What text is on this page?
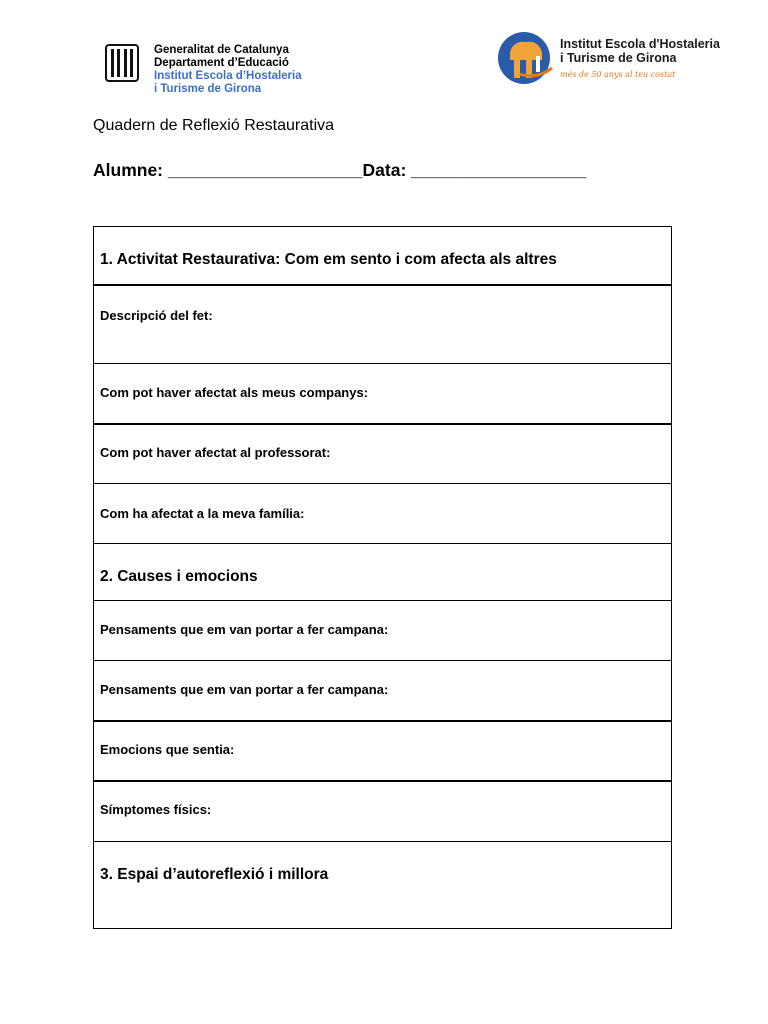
Generalitat de Catalunya
Departament d’Educació
Institut Escola d’Hostaleria
i Turisme de Girona
Institut Escola d'Hostaleria
i Turisme de Girona
més de 50 anys al teu costat
Quadern de Reflexió Restaurativa
Alumne: ____________________Data: __________________
1. Activitat Restaurativa: Com em sento i com afecta als altres
Descripció del fet:
Com pot haver afectat als meus companys:
Com pot haver afectat al professorat:
Com ha afectat a la meva família:
2. Causes i emocions
Pensaments que em van portar a fer campana:
Pensaments que em van portar a fer campana:
Emocions que sentia:
Símptomes físics:
3. Espai d’autoreflexió i millora
